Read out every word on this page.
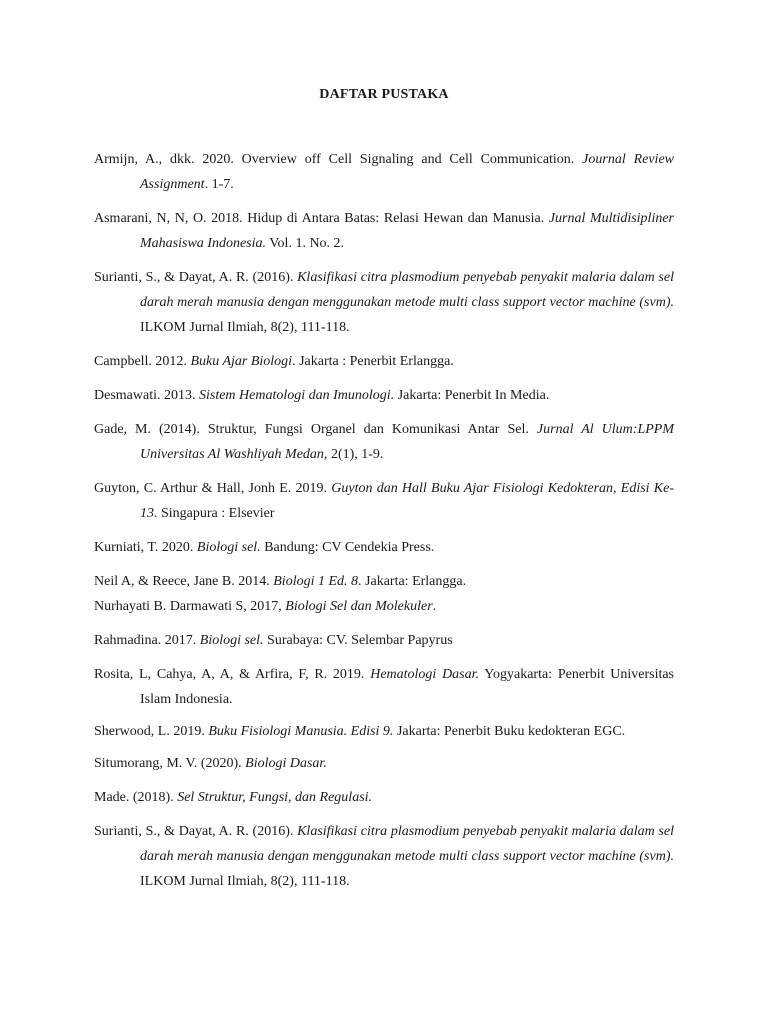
DAFTAR PUSTAKA
Armijn, A., dkk. 2020. Overview off Cell Signaling and Cell Communication. Journal Review Assignment. 1-7.
Asmarani, N, N, O. 2018. Hidup di Antara Batas: Relasi Hewan dan Manusia. Jurnal Multidisipliner Mahasiswa Indonesia. Vol. 1. No. 2.
Surianti, S., & Dayat, A. R. (2016). Klasifikasi citra plasmodium penyebab penyakit malaria dalam sel darah merah manusia dengan menggunakan metode multi class support vector machine (svm). ILKOM Jurnal Ilmiah, 8(2), 111-118.
Campbell. 2012. Buku Ajar Biologi. Jakarta : Penerbit Erlangga.
Desmawati. 2013. Sistem Hematologi dan Imunologi. Jakarta: Penerbit In Media.
Gade, M. (2014). Struktur, Fungsi Organel dan Komunikasi Antar Sel. Jurnal Al Ulum:LPPM Universitas Al Washliyah Medan, 2(1), 1-9.
Guyton, C. Arthur & Hall, Jonh E. 2019. Guyton dan Hall Buku Ajar Fisiologi Kedokteran, Edisi Ke-13. Singapura : Elsevier
Kurniati, T. 2020. Biologi sel. Bandung: CV Cendekia Press.
Neil A, & Reece, Jane B. 2014. Biologi 1 Ed. 8. Jakarta: Erlangga.
Nurhayati B. Darmawati S, 2017, Biologi Sel dan Molekuler.
Rahmadina. 2017. Biologi sel. Surabaya: CV. Selembar Papyrus
Rosita, L, Cahya, A, A, & Arfira, F, R. 2019. Hematologi Dasar. Yogyakarta: Penerbit Universitas Islam Indonesia.
Sherwood, L. 2019. Buku Fisiologi Manusia. Edisi 9. Jakarta: Penerbit Buku kedokteran EGC.
Situmorang, M. V. (2020). Biologi Dasar.
Made. (2018). Sel Struktur, Fungsi, dan Regulasi.
Surianti, S., & Dayat, A. R. (2016). Klasifikasi citra plasmodium penyebab penyakit malaria dalam sel darah merah manusia dengan menggunakan metode multi class support vector machine (svm). ILKOM Jurnal Ilmiah, 8(2), 111-118.
